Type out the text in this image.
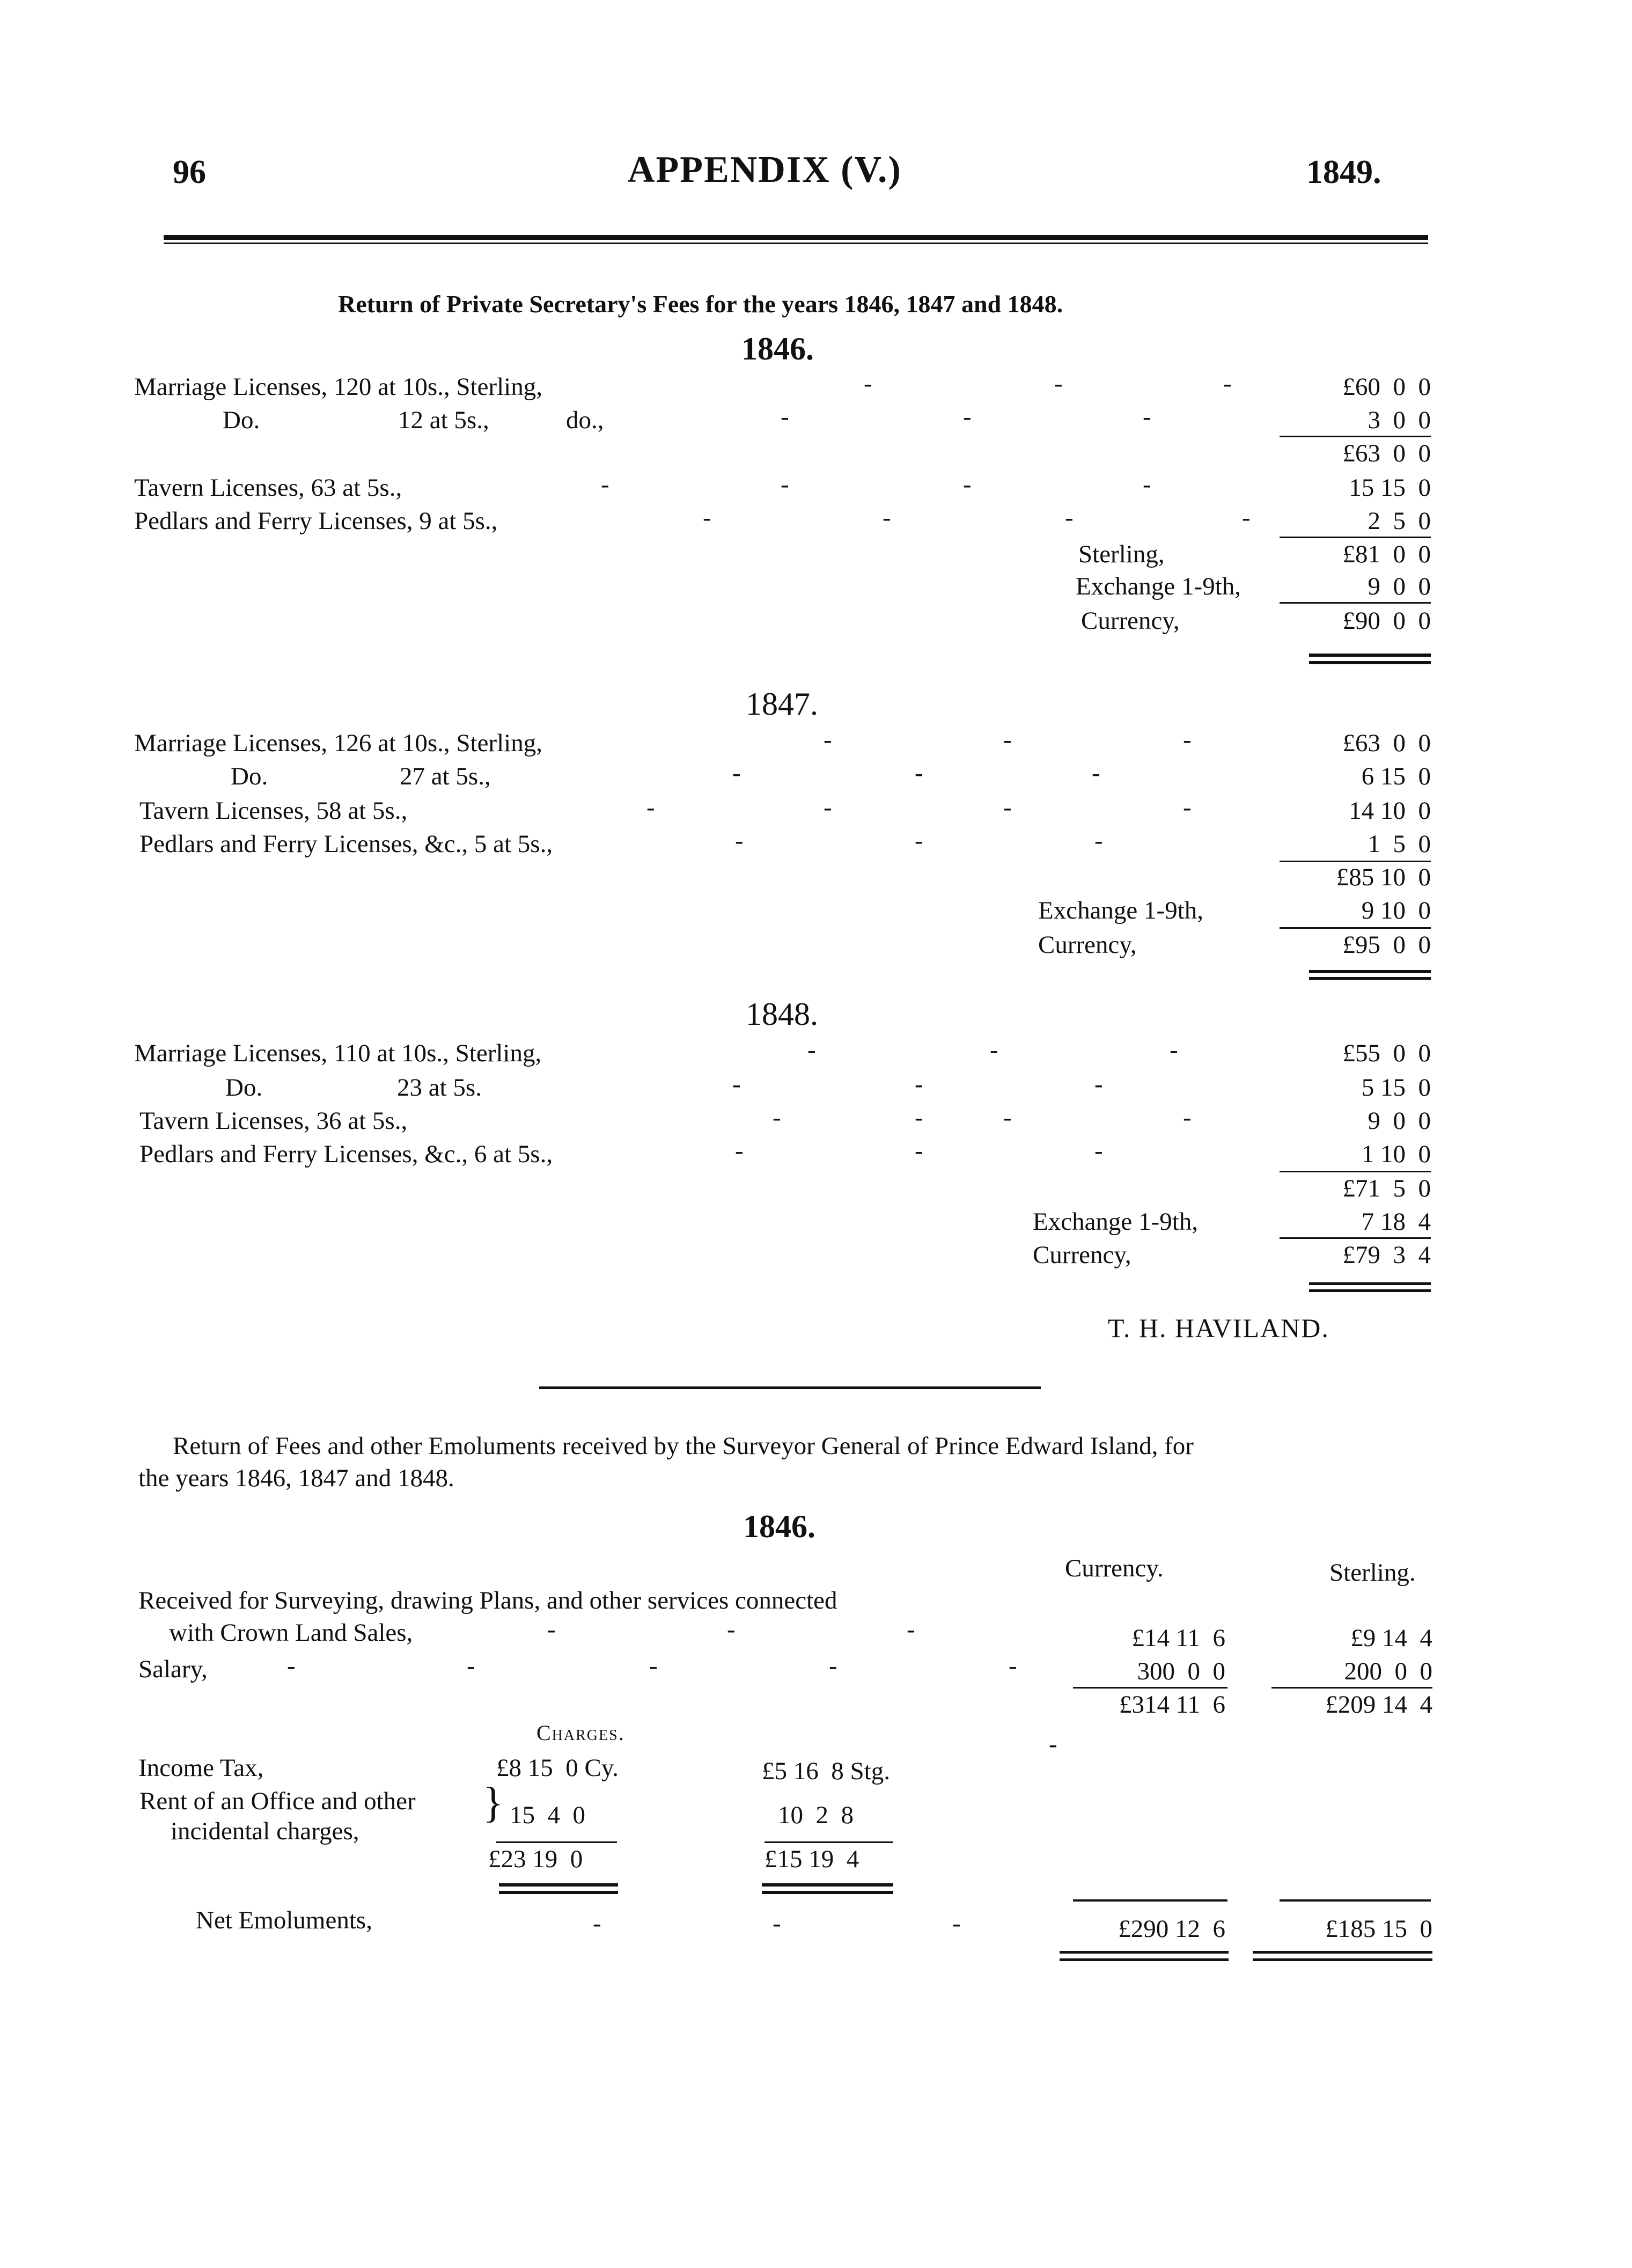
96	APPENDIX (V.)	1849.
Return of Private Secretary's Fees for the years 1846, 1847 and 1848.
1846.
Marriage Licenses, 120 at 10s., Sterling,	-	-	-	£60  0  0
Do.	12 at 5s.,	do.,	-	-	-	3  0  0
£63  0  0
Tavern Licenses, 63 at 5s.,	-	-	-	-	15 15  0
Pedlars and Ferry Licenses, 9 at 5s.,	-	-	-	-	2  5  0
Sterling,	£81  0  0
Exchange 1-9th,	9  0  0
Currency,	£90  0  0
1847.
Marriage Licenses, 126 at 10s., Sterling,	-	-	-	£63  0  0
Do.	27 at 5s.,	-	-	-	6 15  0
Tavern Licenses, 58 at 5s.,	-	-	-	-	14 10  0
Pedlars and Ferry Licenses, &c., 5 at 5s.,	-	-	-	1  5  0
£85 10  0
Exchange 1-9th,	9 10  0
Currency,	£95  0  0
1848.
Marriage Licenses, 110 at 10s., Sterling,	-	-	-	£55  0  0
Do.	23 at 5s.	-	-	-	5 15  0
Tavern Licenses, 36 at 5s.,	-	-	-	-	9  0  0
Pedlars and Ferry Licenses, &c., 6 at 5s.,	-	-	-	1 10  0
£71  5  0
Exchange 1-9th,	7 18  4
Currency,	£79  3  4
T. H. HAVILAND.
Return of Fees and other Emoluments received by the Surveyor General of Prince Edward Island, for
the years 1846, 1847 and 1848.
1846.
Currency.	Sterling.
Received for Surveying, drawing Plans, and other services connected
with Crown Land Sales,	-	-	-	£14 11  6	£9 14  4
Salary,	-	-	-	-	-	300  0  0	200  0  0
£314 11  6	£209 14  4
Charges.	-
Income Tax,	£8 15  0 Cy.	£5 16  8 Stg.
Rent of an Office and other
incidental charges,
} 15  4  0	10  2  8
£23 19  0	£15 19  4
Net Emoluments,	-	-	-	£290 12  6	£185 15  0
